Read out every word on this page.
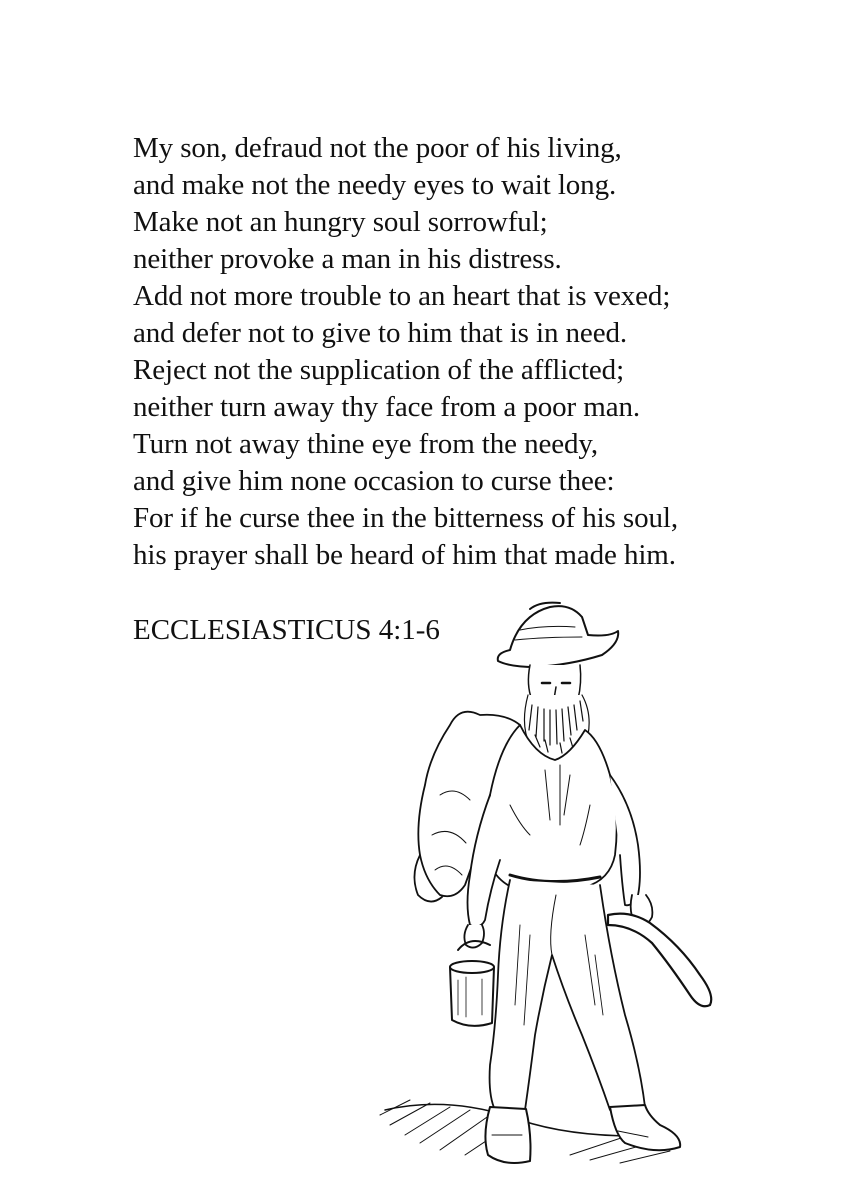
My son, defraud not the poor of his living,
and make not the needy eyes to wait long.
Make not an hungry soul sorrowful;
neither provoke a man in his distress.
Add not more trouble to an heart that is vexed;
and defer not to give to him that is in need.
Reject not the supplication of the afflicted;
neither turn away thy face from a poor man.
Turn not away thine eye from the needy,
and give him none occasion to curse thee:
For if he curse thee in the bitterness of his soul,
his prayer shall be heard of him that made him.
ECCLESIASTICUS 4:1-6
